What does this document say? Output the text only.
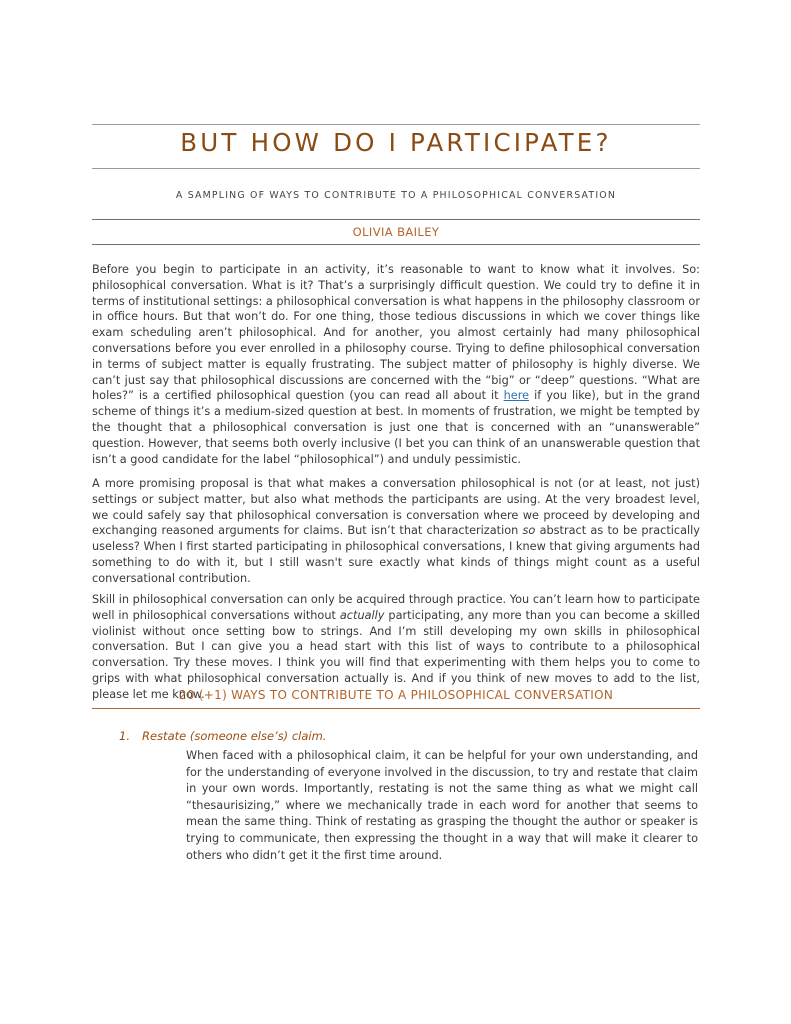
BUT HOW DO I PARTICIPATE?
A SAMPLING OF WAYS TO CONTRIBUTE TO A PHILOSOPHICAL CONVERSATION
OLIVIA BAILEY

Before you begin to participate in an activity, it’s reasonable to want to know what it involves. So: philosophical conversation. What is it? That’s a surprisingly difficult question. We could try to define it in terms of institutional settings: a philosophical conversation is what happens in the philosophy classroom or in office hours. But that won’t do. For one thing, those tedious discussions in which we cover things like exam scheduling aren’t philosophical. And for another, you almost certainly had many philosophical conversations before you ever enrolled in a philosophy course. Trying to define philosophical conversation in terms of subject matter is equally frustrating. The subject matter of philosophy is highly diverse. We can’t just say that philosophical discussions are concerned with the “big” or “deep” questions. “What are holes?” is a certified philosophical question (you can read all about it here if you like), but in the grand scheme of things it’s a medium-sized question at best. In moments of frustration, we might be tempted by the thought that a philosophical conversation is just one that is concerned with an “unanswerable” question. However, that seems both overly inclusive (I bet you can think of an unanswerable question that isn’t a good candidate for the label “philosophical”) and unduly pessimistic.

A more promising proposal is that what makes a conversation philosophical is not (or at least, not just) settings or subject matter, but also what methods the participants are using. At the very broadest level, we could safely say that philosophical conversation is conversation where we proceed by developing and exchanging reasoned arguments for claims. But isn’t that characterization so abstract as to be practically useless? When I first started participating in philosophical conversations, I knew that giving arguments had something to do with it, but I still wasn't sure exactly what kinds of things might count as a useful conversational contribution.

Skill in philosophical conversation can only be acquired through practice. You can’t learn how to participate well in philosophical conversations without actually participating, any more than you can become a skilled violinist without once setting bow to strings. And I’m still developing my own skills in philosophical conversation. But I can give you a head start with this list of ways to contribute to a philosophical conversation. Try these moves. I think you will find that experimenting with them helps you to come to grips with what philosophical conversation actually is. And if you think of new moves to add to the list, please let me know.

20 (+1) WAYS TO CONTRIBUTE TO A PHILOSOPHICAL CONVERSATION
1. Restate (someone else’s) claim.

When faced with a philosophical claim, it can be helpful for your own understanding, and for the understanding of everyone involved in the discussion, to try and restate that claim in your own words. Importantly, restating is not the same thing as what we might call “thesaurisizing,” where we mechanically trade in each word for another that seems to mean the same thing. Think of restating as grasping the thought the author or speaker is trying to communicate, then expressing the thought in a way that will make it clearer to others who didn’t get it the first time around.
